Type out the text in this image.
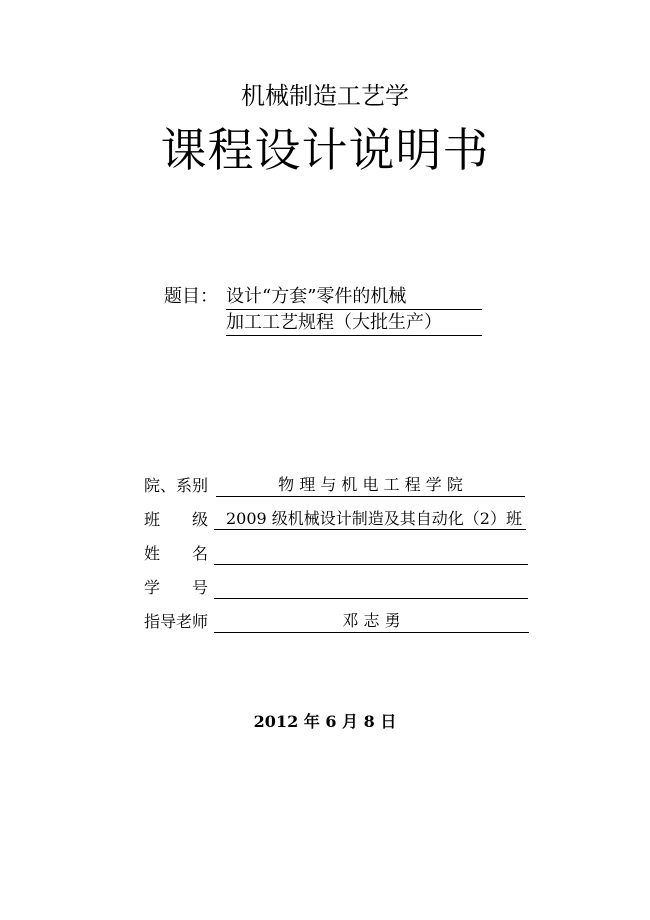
机械制造工艺学
课程设计说明书
题目： 设计“方套”零件的机械
加工工艺规程（大批生产）
院、系别	物 理 与 机 电 工 程 学 院
班　　级	2009 级机械设计制造及其自动化（2）班
姓　　名
学　　号
指导老师	邓 志 勇
2012 年 6 月 8 日
